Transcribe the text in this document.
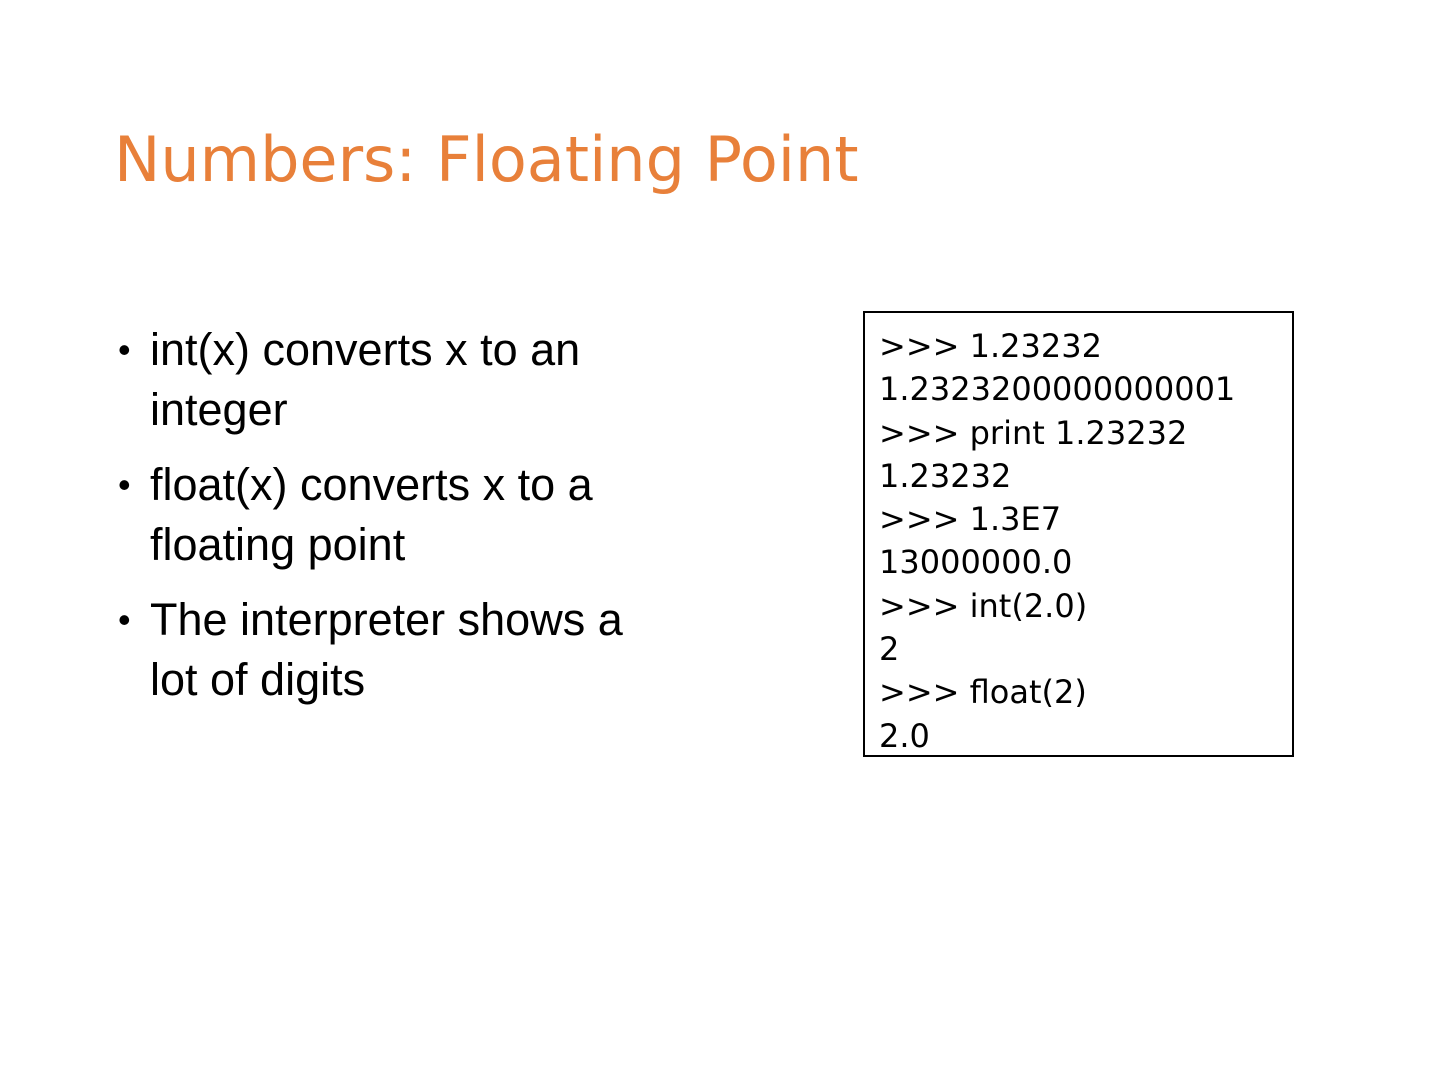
Numbers: Floating Point
• int(x) converts x to an integer
• float(x) converts x to a floating point
• The interpreter shows a lot of digits
>>> 1.23232
1.2323200000000001
>>> print 1.23232
1.23232
>>> 1.3E7
13000000.0
>>> int(2.0)
2
>>> float(2)
2.0
